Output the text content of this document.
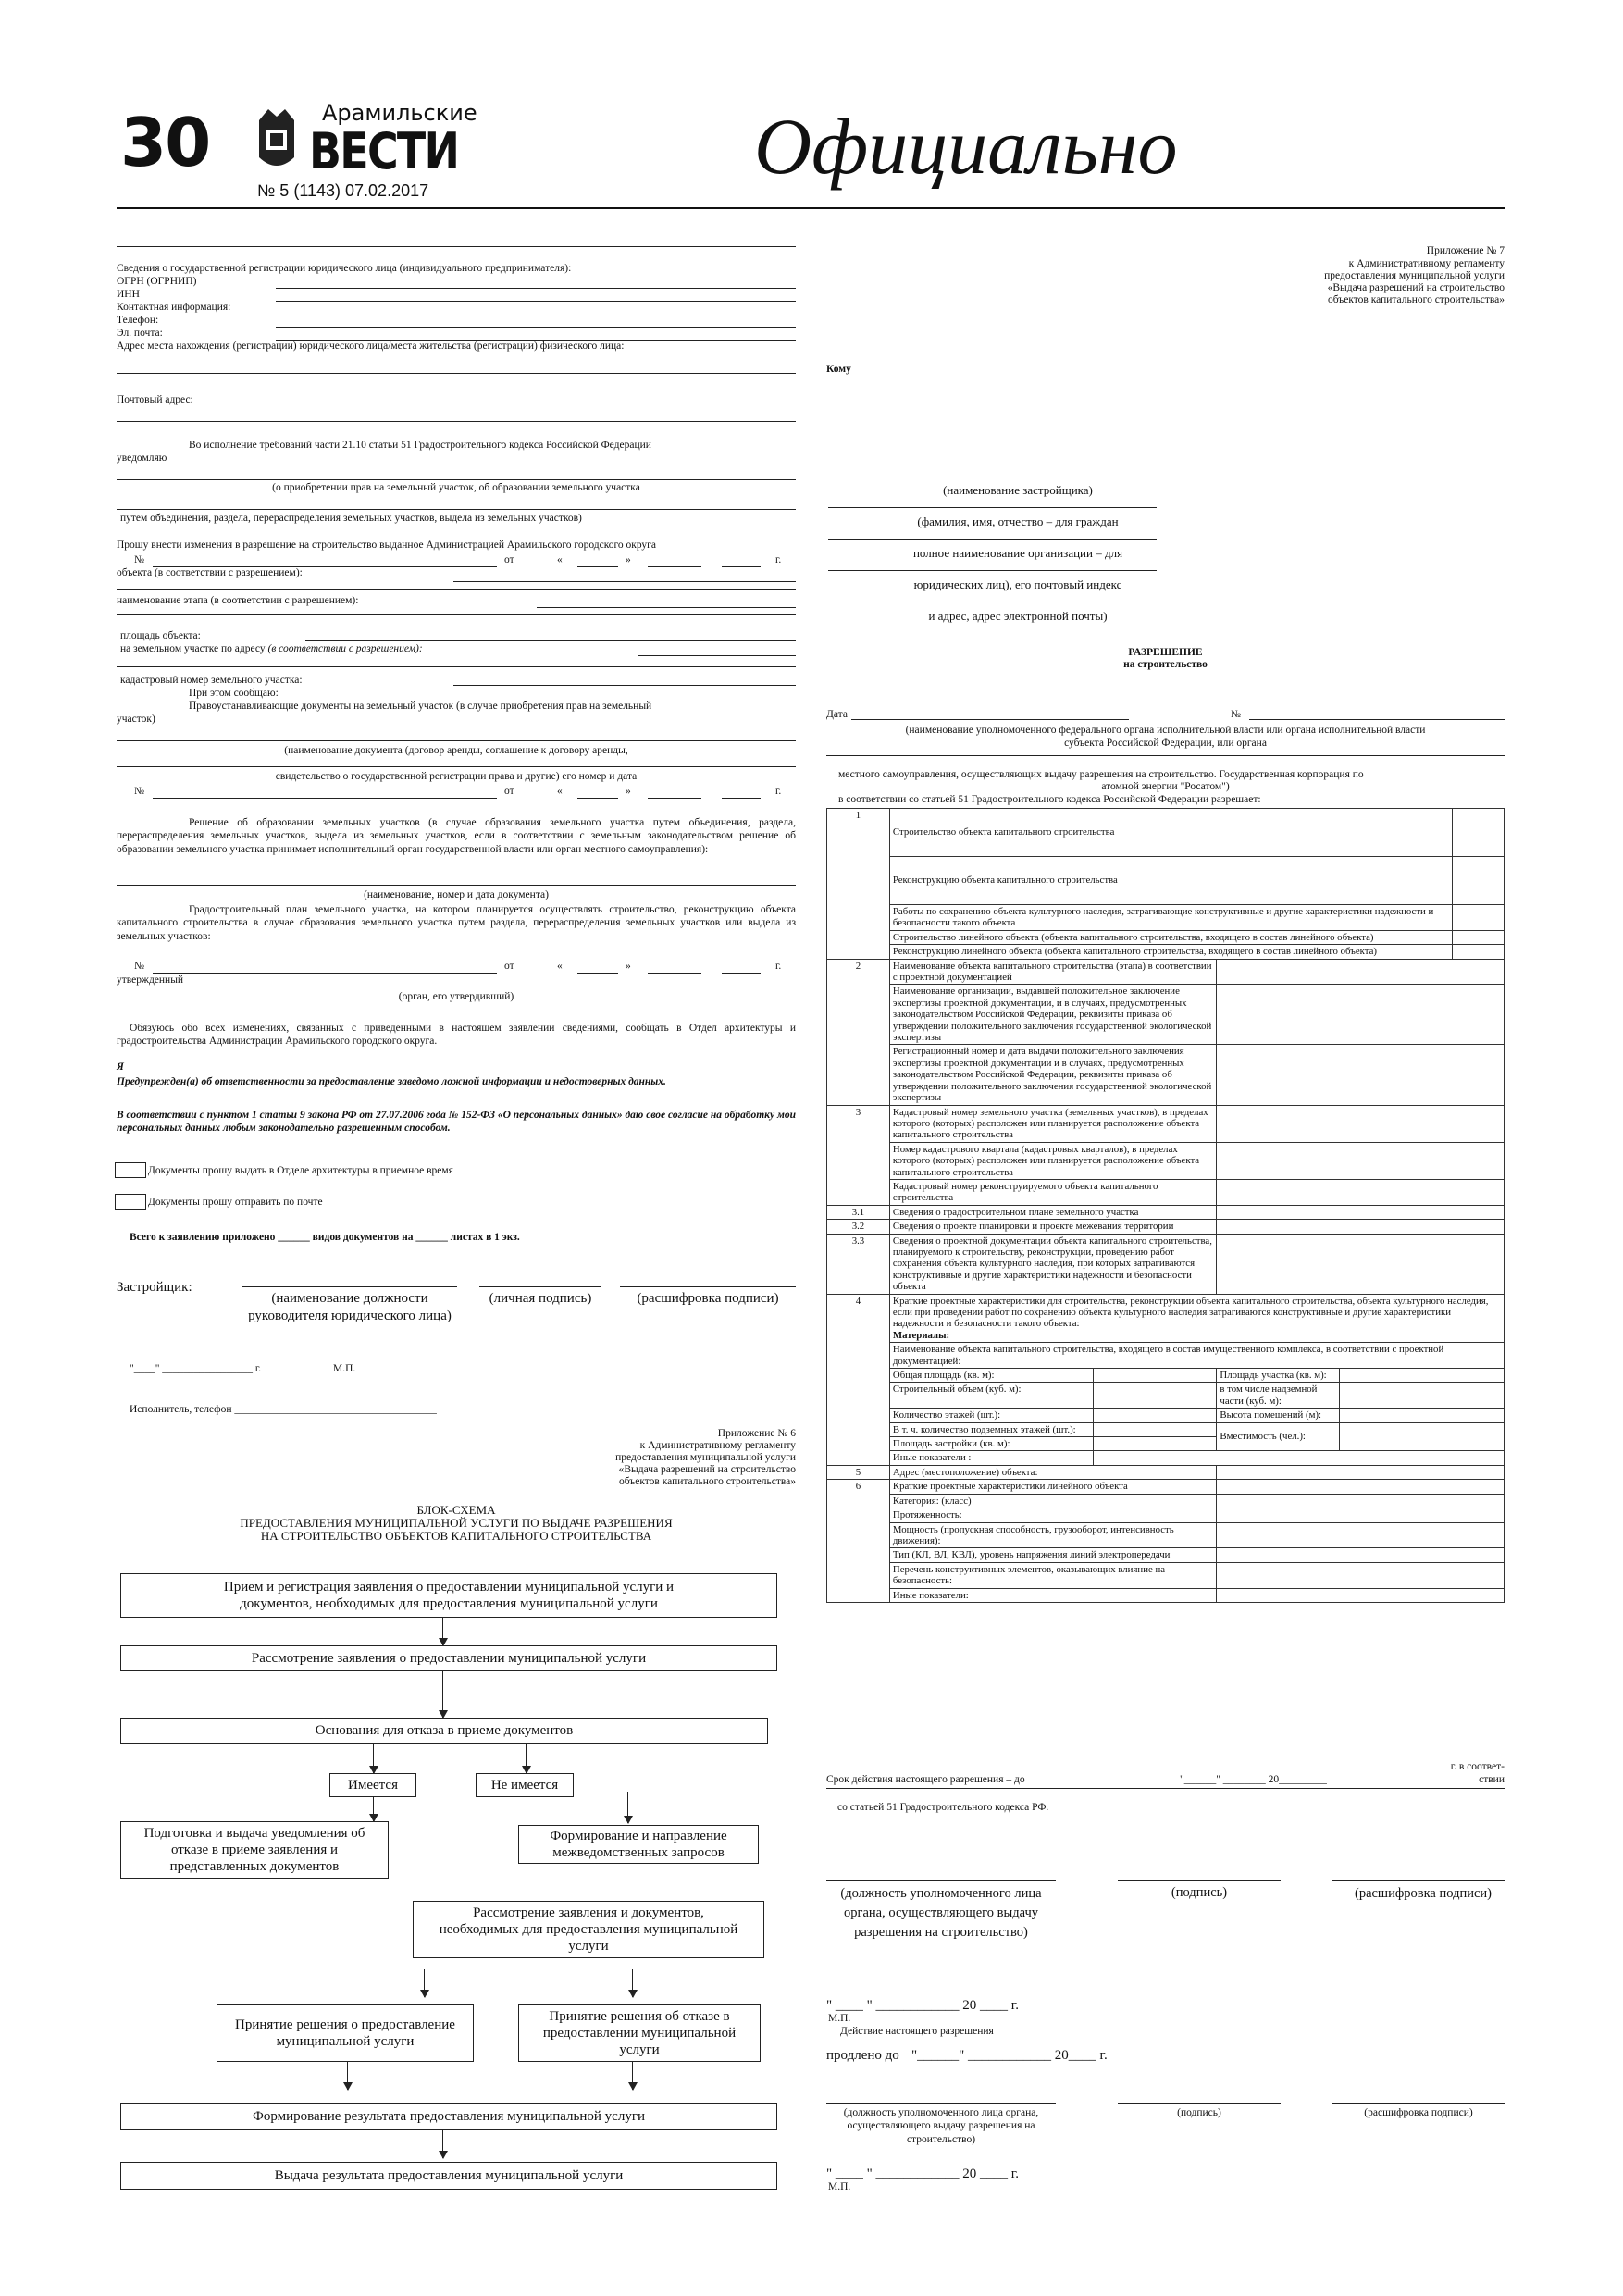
30	Арамильские
ВЕСТИ
№ 5 (1143) 07.02.2017	Официально
Сведения о государственной регистрации юридического лица (индивидуального предпринимателя):
ОГРН (ОГРНИП)
ИНН
Контактная информация:
Телефон:
Эл. почта:
Адрес места нахождения (регистрации) юридического лица/места жительства (регистрации) физического лица:
Почтовый адрес:
Во исполнение требований части 21.10 статьи 51 Градостроительного кодекса Российской Федерации
уведомляю
(о приобретении прав на земельный участок, об образовании земельного участка
путем объединения, раздела, перераспределения земельных участков, выдела из земельных участков)
Прошу внести изменения в разрешение на строительство выданное Администрацией Арамильского городского округа
№	от	«	»	г.
объекта (в соответствии с разрешением):
наименование этапа (в соответствии с разрешением):
площадь объекта:
на земельном участке по адресу (в соответствии с разрешением):
кадастровый номер земельного участка:
При этом сообщаю:
Правоустанавливающие документы на земельный участок (в случае приобретения прав на земельный
участок)
(наименование документа (договор аренды, соглашение к договору аренды,
свидетельство о государственной регистрации права и другие) его номер и дата
№	от	«	»	г.
Решение об образовании земельных участков (в случае образования земельного участка путем объединения, раздела, перераспределения земельных участков, выдела из земельных участков, если в соответствии с земельным законодательством решение об образовании земельного участка принимает исполнительный орган государственной власти или орган местного самоуправления):
(наименование, номер и дата документа)
Градостроительный план земельного участка, на котором планируется осуществлять строительство, реконструкцию объекта капитального строительства в случае образования земельного участка путем раздела, перераспределения земельных участков или выдела из земельных участков:
№	от	«	»	г.
утвержденный
(орган, его утвердивший)
Обязуюсь обо всех изменениях, связанных с приведенными в настоящем заявлении сведениями, сообщать в Отдел архитектуры и градостроительства Администрации Арамильского городского округа.
Я
Предупрежден(а) об ответственности за предоставление заведомо ложной информации и недостоверных данных.
В соответствии с пунктом 1 статьи 9 закона РФ от 27.07.2006 года № 152-ФЗ «О персональных данных» даю свое согласие на обработку мои персональных данных любым законодательно разрешенным способом.
Документы прошу выдать в Отделе архитектуры в приемное время
Документы прошу отправить по почте
Всего к заявлению приложено ______ видов документов на ______ листах в 1 экз.
Застройщик:
(наименование должности руководителя юридического лица)
(личная подпись)	(расшифровка подписи)
"____" _________________ г.	М.П.
Исполнитель, телефон ______________________________________
Приложение № 6
к Административному регламенту
предоставления муниципальной услуги
«Выдача разрешений на строительство
объектов капитального строительства»
БЛОК-СХЕМА
ПРЕДОСТАВЛЕНИЯ МУНИЦИПАЛЬНОЙ УСЛУГИ ПО ВЫДАЧЕ РАЗРЕШЕНИЯ
НА СТРОИТЕЛЬСТВО ОБЪЕКТОВ КАПИТАЛЬНОГО СТРОИТЕЛЬСТВА
Прием и регистрация заявления о предоставлении муниципальной услуги и документов, необходимых для предоставления муниципальной услуги
Рассмотрение заявления о предоставлении муниципальной услуги
Основания для отказа в приеме документов
Имеется	Не имеется
Подготовка и выдача уведомления об отказе в приеме заявления и представленных документов
Формирование и направление межведомственных запросов
Рассмотрение заявления и документов, необходимых для предоставления муниципальной услуги
Принятие решения о предоставление муниципальной услуги
Принятие решения об отказе в предоставлении муниципальной услуги
Формирование результата предоставления муниципальной услуги
Выдача результата предоставления муниципальной услуги
Приложение № 7
к Административному регламенту
предоставления муниципальной услуги
«Выдача разрешений на строительство
объектов капитального строительства»
Кому
(наименование застройщика)
(фамилия, имя, отчество – для граждан
полное наименование организации – для
юридических лиц), его почтовый индекс
и адрес, адрес электронной почты)
РАЗРЕШЕНИЕ
на строительство
Дата	№
(наименование уполномоченного федерального органа исполнительной власти или органа исполнительной власти
субъекта Российской Федерации, или органа
местного самоуправления, осуществляющих выдачу разрешения на строительство. Государственная корпорация по
атомной энергии "Росатом")
в соответствии со статьей 51 Градостроительного кодекса Российской Федерации разрешает:
1	Строительство объекта капитального строительства				
	Реконструкцию объекта капитального строительства				
	Работы по сохранению объекта культурного наследия, затрагивающие конструктивные и другие характеристики надежности и безопасности такого объекта				
	Строительство линейного объекта (объекта капитального строительства, входящего в состав линейного объекта)				
	Реконструкцию линейного объекта (объекта капитального строительства, входящего в состав линейного объекта)				
2	Наименование объекта капитального строительства (этапа) в соответствии с проектной документацией				
	Наименование организации, выдавшей положительное заключение экспертизы проектной документации, и в случаях, предусмотренных законодательством Российской Федерации, реквизиты приказа об утверждении положительного заключения государственной экологической экспертизы				
	Регистрационный номер и дата выдачи положительного заключения экспертизы проектной документации и в случаях, предусмотренных законодательством Российской Федерации, реквизиты приказа об утверждении положительного заключения государственной экологической экспертизы				
3	Кадастровый номер земельного участка (земельных участков), в пределах которого (которых) расположен или планируется расположение объекта капитального строительства				
	Номер кадастрового квартала (кадастровых кварталов), в пределах которого (которых) расположен или планируется расположение объекта капитального строительства				
	Кадастровый номер реконструируемого объекта капитального строительства				
3.1	Сведения о градостроительном плане земельного участка				
3.2	Сведения о проекте планировки и проекте межевания территории				
3.3	Сведения о проектной документации объекта капитального строительства, планируемого к строительству, реконструкции, проведению работ сохранения объекта культурного наследия, при которых затрагиваются конструктивные и другие характеристики надежности и безопасности объекта				
4	Краткие проектные характеристики для строительства, реконструкции объекта капитального строительства, объекта культурного наследия, если при проведении работ по сохранению объекта культурного наследия затрагиваются конструктивные и другие характеристики надежности и безопасности такого объекта:
Материалы:				
	Наименование объекта капитального строительства, входящего в состав имущественного комплекса, в соответствии с проектной документацией:				
	Общая площадь (кв. м):		Площадь участка (кв. м):		
	Строительный объем (куб. м):		в том числе надземной части (куб. м):		
	Количество этажей (шт.):		Высота помещений (м):		
	В т. ч. количество подземных этажей (шт.):		Вместимость (чел.):		
	Площадь застройки (кв. м):				
	Иные показатели :				
5	Адрес (местоположение) объекта:				
6	Краткие проектные характеристики линейного объекта				
	Категория: (класс)				
	Протяженность:				
	Мощность (пропускная способность, грузооборот, интенсивность движения):				
	Тип (КЛ, ВЛ, КВЛ), уровень напряжения линий электропередачи				
	Перечень конструктивных элементов, оказывающих влияние на безопасность:				
	Иные показатели:				
г. в соответ-
Срок действия настоящего разрешения – до	"______" ________ 20_________	ствии
со статьей 51 Градостроительного кодекса РФ.
(должность уполномоченного лица органа, осуществляющего выдачу разрешения на строительство)
(подпись)	(расшифровка подписи)
" ____ " ____________ 20 ____ г.
М.П.
Действие настоящего разрешения
продлено до "______" ____________ 20____ г.
(должность уполномоченного лица органа, осуществляющего выдачу разрешения на строительство)
(подпись)	(расшифровка подписи)
" ____ " ____________ 20 ____ г.
М.П.
